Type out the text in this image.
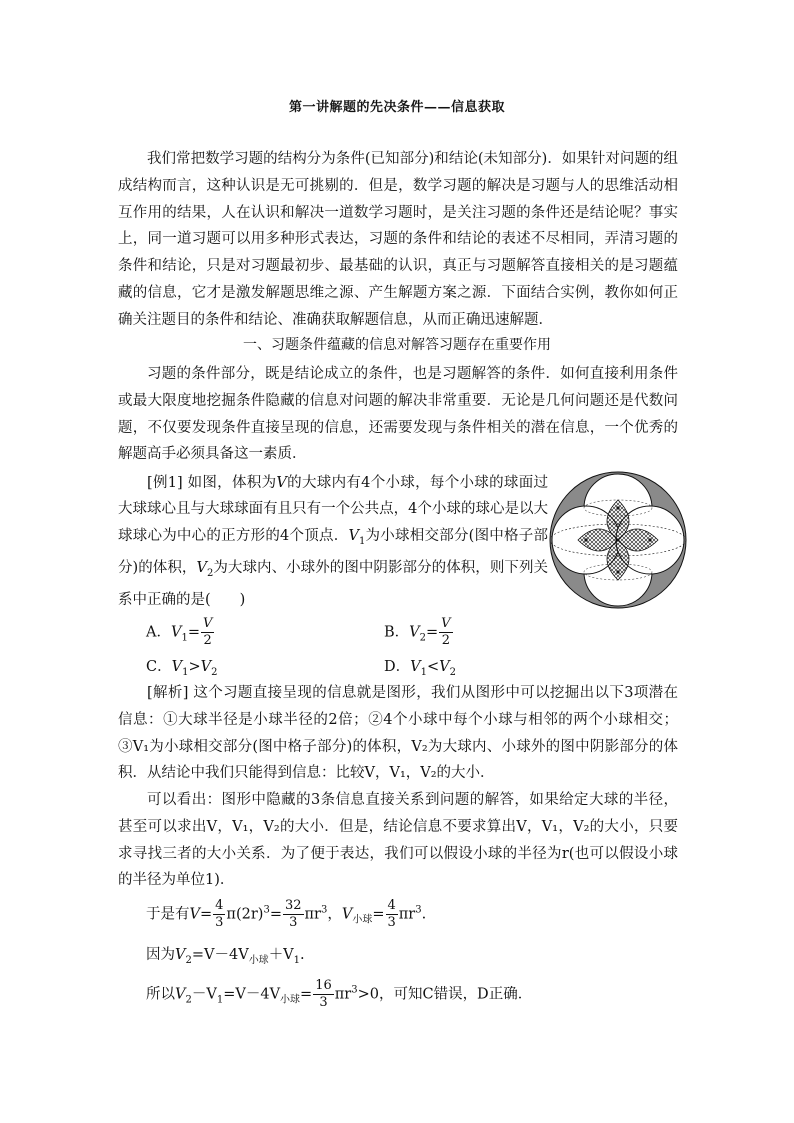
第一讲解题的先决条件——信息获取
我们常把数学习题的结构分为条件(已知部分)和结论(未知部分)．如果针对问题的组成结构而言，这种认识是无可挑剔的．但是，数学习题的解决是习题与人的思维活动相互作用的结果，人在认识和解决一道数学习题时，是关注习题的条件还是结论呢？事实上，同一道习题可以用多种形式表达，习题的条件和结论的表述不尽相同，弄清习题的条件和结论，只是对习题最初步、最基础的认识，真正与习题解答直接相关的是习题蕴藏的信息，它才是激发解题思维之源、产生解题方案之源．下面结合实例，教你如何正确关注题目的条件和结论、准确获取解题信息，从而正确迅速解题．
一、习题条件蕴藏的信息对解答习题存在重要作用
习题的条件部分，既是结论成立的条件，也是习题解答的条件．如何直接利用条件或最大限度地挖掘条件隐藏的信息对问题的解决非常重要．无论是几何问题还是代数问题，不仅要发现条件直接呈现的信息，还需要发现与条件相关的潜在信息，一个优秀的解题高手必须具备这一素质．
[例1] 如图，体积为V的大球内有4个小球，每个小球的球面过大球球心且与大球球面有且只有一个公共点，4个小球的球心是以大球球心为中心的正方形的4个顶点．$V_1$为小球相交部分(图中格子部分)的体积，$V_2$为大球内、小球外的图中阴影部分的体积，则下列关系中正确的是(　　)
A．$V_1= \frac{V}{2}$	B．$V_2= \frac{V}{2}$
C．$V_1>V_2$	D．$V_1<V_2$
[解析] 这个习题直接呈现的信息就是图形，我们从图形中可以挖掘出以下3项潜在信息：①大球半径是小球半径的2倍；②4个小球中每个小球与相邻的两个小球相交；③V₁为小球相交部分(图中格子部分)的体积，V₂为大球内、小球外的图中阴影部分的体积．从结论中我们只能得到信息：比较V，V₁，V₂的大小．
可以看出：图形中隐藏的3条信息直接关系到问题的解答，如果给定大球的半径，甚至可以求出V，V₁，V₂的大小．但是，结论信息不要求算出V，V₁，V₂的大小，只要求寻找三者的大小关系．为了便于表达，我们可以假设小球的半径为r(也可以假设小球的半径为单位1)．
于是有$V= \frac{4}{3} \pi(2r)^3= \frac{32}{3} \pi r^3$，$V_{小球}= \frac{4}{3} \pi r^3$.
因为$V_2=V-4V_{小球}+V_1$.
所以$V_2-V_1=V-4V_{小球}= \frac{16}{3} \pi r^3>0$，可知C错误，D正确．
